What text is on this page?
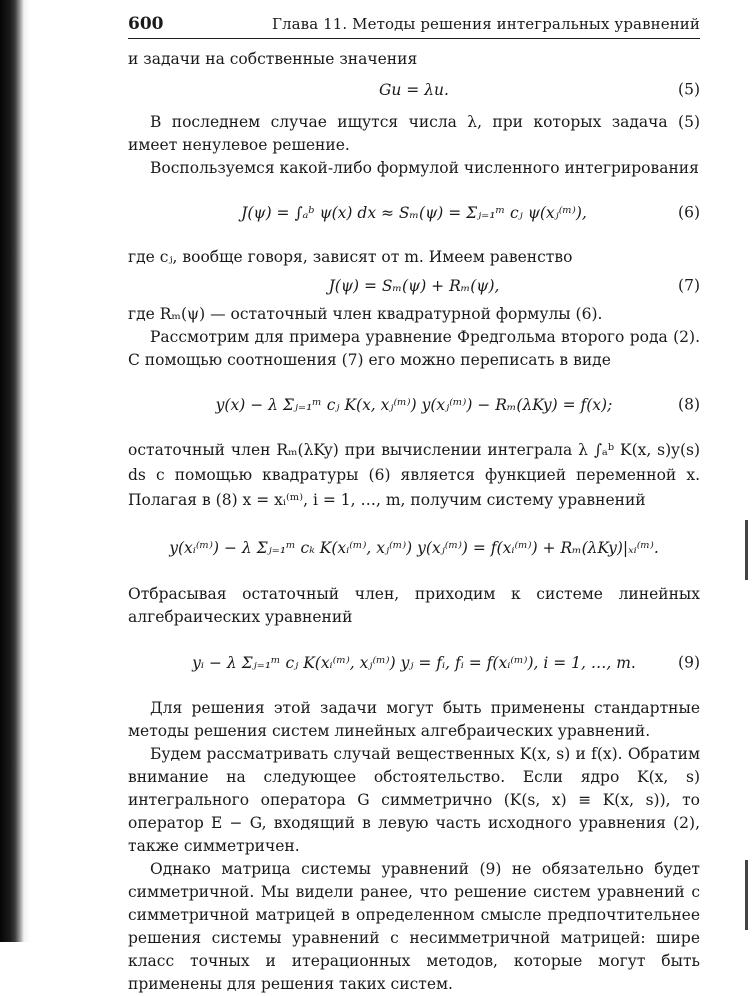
600	Глава 11. Методы решения интегральных уравнений

и задачи на собственные значения

Gu = λu.	(5)

В последнем случае ищутся числа λ, при которых задача (5) имеет ненулевое решение.

Воспользуемся какой-либо формулой численного интегрирования

J(ψ) = ∫ₐᵇ ψ(x) dx ≈ Sₘ(ψ) = Σⱼ₌₁ᵐ cⱼ ψ(xⱼ⁽ᵐ⁾),	(6)

где cⱼ, вообще говоря, зависят от m. Имеем равенство

J(ψ) = Sₘ(ψ) + Rₘ(ψ),	(7)

где Rₘ(ψ) — остаточный член квадратурной формулы (6).

Рассмотрим для примера уравнение Фредгольма второго рода (2). С помощью соотношения (7) его можно переписать в виде

y(x) − λ Σⱼ₌₁ᵐ cⱼ K(x, xⱼ⁽ᵐ⁾) y(xⱼ⁽ᵐ⁾) − Rₘ(λKy) = f(x);	(8)

остаточный член Rₘ(λKy) при вычислении интеграла λ ∫ₐᵇ K(x, s)y(s) ds с помощью квадратуры (6) является функцией переменной x. Полагая в (8) x = xᵢ⁽ᵐ⁾, i = 1, …, m, получим систему уравнений

y(xᵢ⁽ᵐ⁾) − λ Σⱼ₌₁ᵐ cₖ K(xᵢ⁽ᵐ⁾, xⱼ⁽ᵐ⁾) y(xⱼ⁽ᵐ⁾) = f(xᵢ⁽ᵐ⁾) + Rₘ(λKy)|ₓᵢ⁽ᵐ⁾.

Отбрасывая остаточный член, приходим к системе линейных алгебраических уравнений

yᵢ − λ Σⱼ₌₁ᵐ cⱼ K(xᵢ⁽ᵐ⁾, xⱼ⁽ᵐ⁾) yⱼ = fᵢ, fᵢ = f(xᵢ⁽ᵐ⁾), i = 1, …, m.	(9)

Для решения этой задачи могут быть применены стандартные методы решения систем линейных алгебраических уравнений.

Будем рассматривать случай вещественных K(x, s) и f(x). Обратим внимание на следующее обстоятельство. Если ядро K(x, s) интегрального оператора G симметрично (K(s, x) ≡ K(x, s)), то оператор E − G, входящий в левую часть исходного уравнения (2), также симметричен.

Однако матрица системы уравнений (9) не обязательно будет симметричной. Мы видели ранее, что решение систем уравнений с симметричной матрицей в определенном смысле предпочтительнее решения системы уравнений с несимметричной матрицей: шире класс точных и итерационных методов, которые могут быть применены для решения таких систем.
